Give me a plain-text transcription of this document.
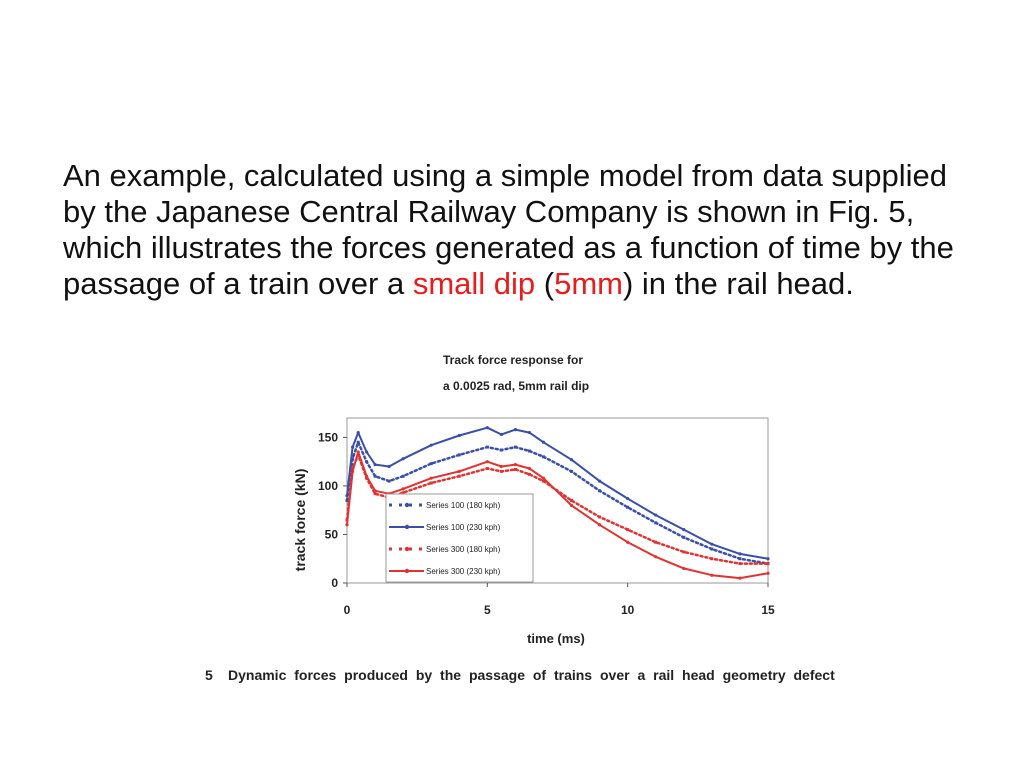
An example, calculated using a simple model from data supplied by the Japanese Central Railway Company is shown in Fig. 5, which illustrates the forces generated as a function of time by the passage of a train over a small dip (5mm) in the rail head.
Track force response for
a 0.0025 rad, 5mm rail dip
0
50
100
150
0	5	10	15
Series 100 (180 kph)
Series 100 (230 kph)
Series 300 (180 kph)
Series 300 (230 kph)
track force (kN)
time (ms)
5 Dynamic forces produced by the passage of trains over a rail head geometry defect
